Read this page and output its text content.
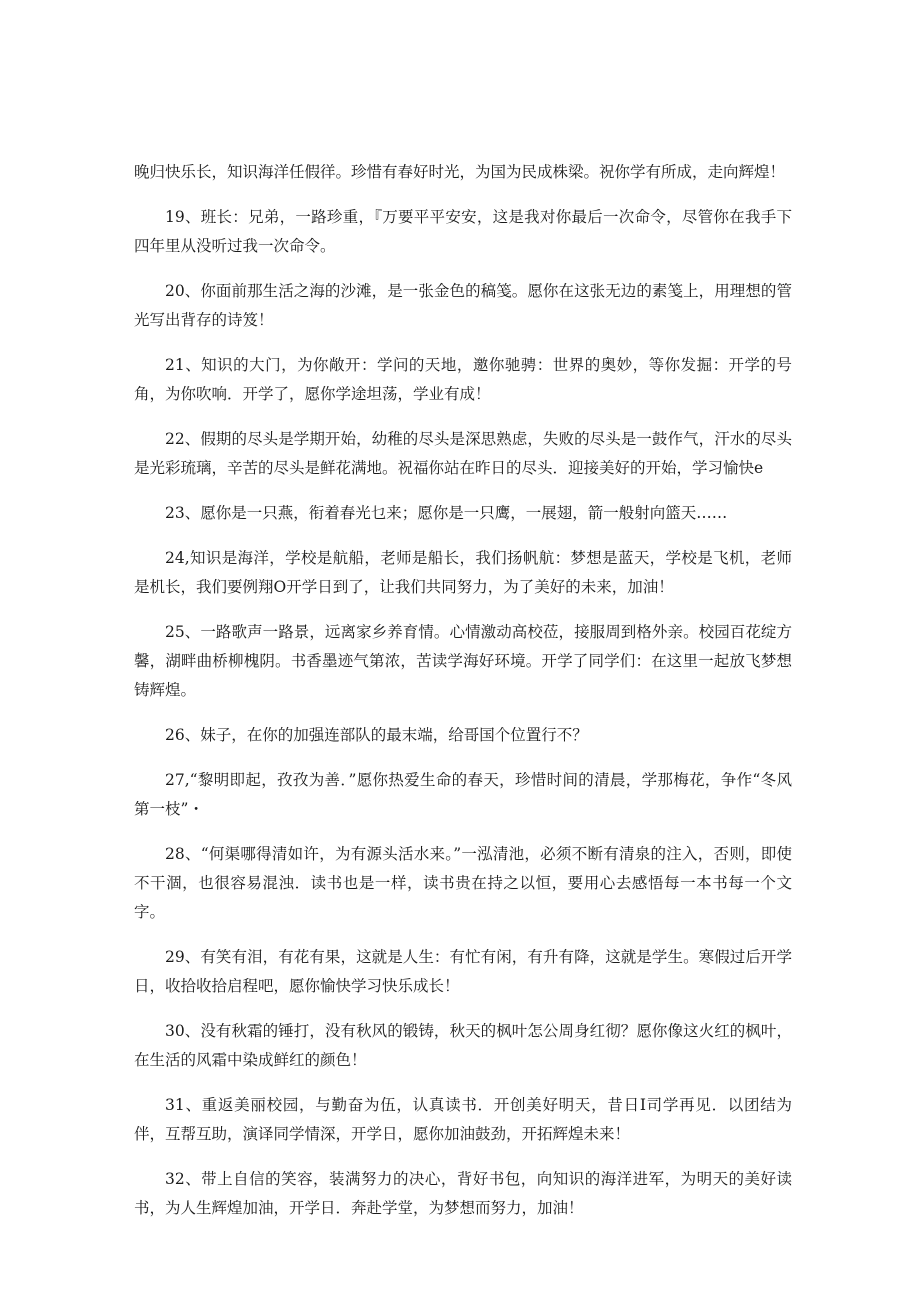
晚归快乐长，知识海洋任假徉。珍惜有春好时光，为国为民成株梁。祝你学有所成，走向辉煌！

19、班长：兄弟，一路珍重，『万要平平安安，这是我对你最后一次命令，尽管你在我手下四年里从没听过我一次命令。

20、你面前那生活之海的沙滩，是一张金色的稿笺。愿你在这张无边的素笺上，用理想的管光写出背存的诗笈！

21、知识的大门，为你敞开：学问的天地，邀你驰骋：世界的奥妙，等你发掘：开学的号角，为你吹响．开学了，愿你学途坦荡，学业有成！

22、假期的尽头是学期开始，幼稚的尽头是深思熟虑，失败的尽头是一鼓作气，汗水的尽头是光彩琉璃，辛苦的尽头是鲜花满地。祝福你站在昨日的尽头．迎接美好的开始，学习愉快e

23、愿你是一只燕，衔着春光乜来；愿你是一只鹰，一展翅，箭一般射向篮天……

24,知识是海洋，学校是航船，老师是船长，我们扬帆航：梦想是蓝天，学校是飞机，老师是机长，我们要例翔O开学日到了，让我们共同努力，为了美好的未来，加油！

25、一路歌声一路景，远离家乡养育情。心情激动高校莅，接服周到格外亲。校园百花绽方馨，湖畔曲桥柳槐阴。书香墨迹气第浓，苦读学海好环境。开学了同学们：在这里一起放飞梦想铸辉煌。

26、妹子，在你的加强连部队的最末端，给哥国个位置行不？

27,“黎明即起，孜孜为善．”愿你热爱生命的春天，珍惜时间的清晨，学那梅花，争作“冬风第一枝”・

28、“何渠哪得清如许，为有源头活水来。”一泓清池，必须不断有清泉的注入，否则，即使不干涸，也很容易混浊．读书也是一样，读书贵在持之以恒，要用心去感悟每一本书每一个文字。

29、有笑有泪，有花有果，这就是人生：有忙有闲，有升有降，这就是学生。寒假过后开学日，收拾收拾启程吧，愿你愉快学习快乐成长！

30、没有秋霜的锤打，没有秋风的锻铸，秋天的枫叶怎公周身红彻？愿你像这火红的枫叶，在生活的风霜中染成鲜红的颜色！

31、重返美丽校园，与勤奋为伍，认真读书．开创美好明天，昔日I司学再见．以团结为伴，互帮互助，演译同学情深，开学日，愿你加油鼓劲，开拓辉煌未来！

32、带上自信的笑容，装满努力的决心，背好书包，向知识的海洋进军，为明天的美好读书，为人生辉煌加油，开学日．奔赴学堂，为梦想而努力，加油！
